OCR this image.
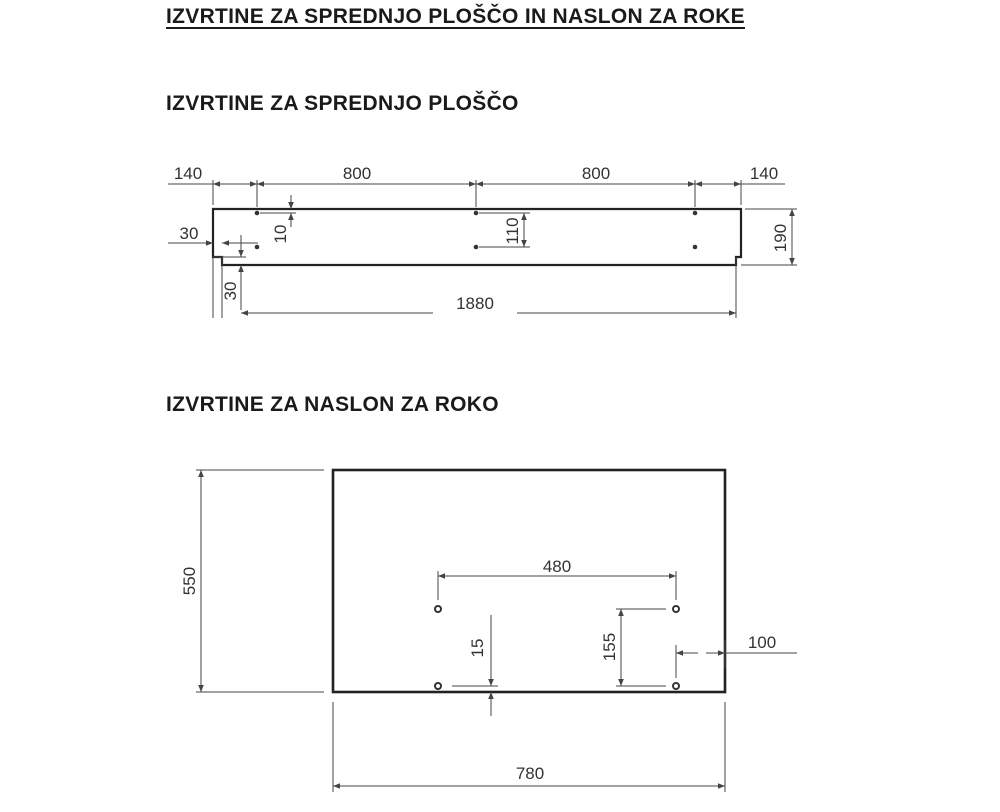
IZVRTINE ZA SPREDNJO PLOŠČO IN NASLON ZA ROKE
IZVRTINE ZA SPREDNJO PLOŠČO
IZVRTINE ZA NASLON ZA ROKO
140	800	800	140
10	110	190
30
30
1880
550
480
15	155	100
780
